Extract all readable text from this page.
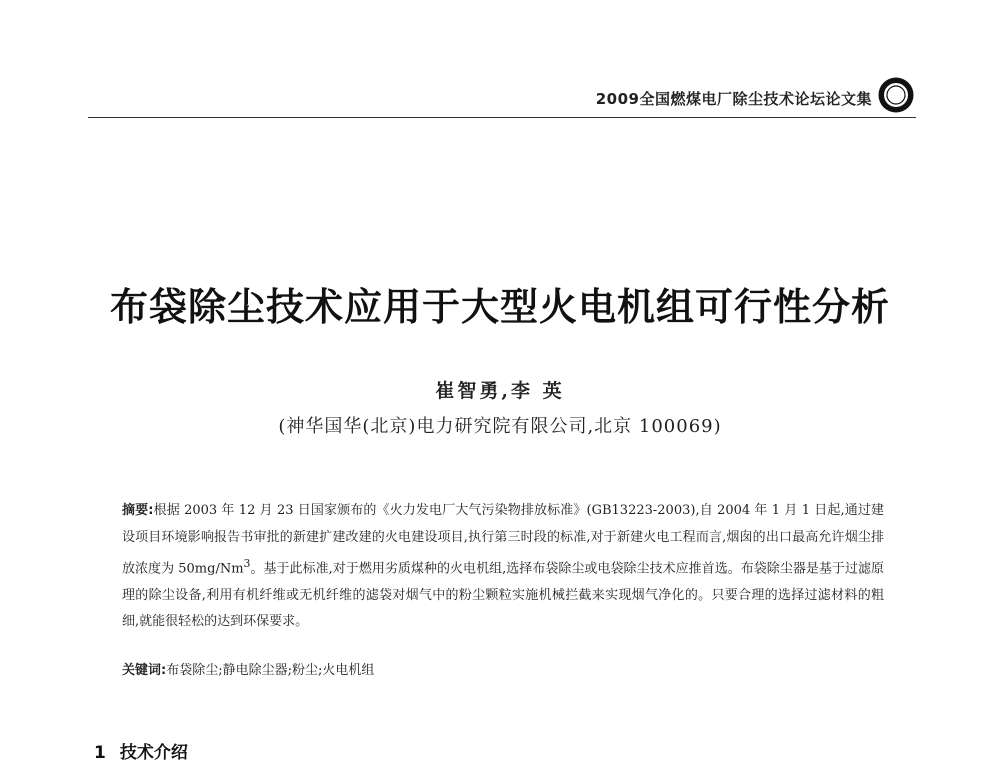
2009全国燃煤电厂除尘技术论坛论文集
布袋除尘技术应用于大型火电机组可行性分析
崔智勇,李 英
(神华国华(北京)电力研究院有限公司,北京 100069)
摘要:根据 2003 年 12 月 23 日国家颁布的《火力发电厂大气污染物排放标准》(GB13223-2003),自 2004 年 1 月 1 日起,通过建设项目环境影响报告书审批的新建扩建改建的火电建设项目,执行第三时段的标准,对于新建火电工程而言,烟囱的出口最高允许烟尘排放浓度为 50mg/Nm$^3$。基于此标准,对于燃用劣质煤种的火电机组,选择布袋除尘或电袋除尘技术应推首选。布袋除尘器是基于过滤原理的除尘设备,利用有机纤维或无机纤维的滤袋对烟气中的粉尘颗粒实施机械拦截来实现烟气净化的。只要合理的选择过滤材料的粗细,就能很轻松的达到环保要求。
关键词:布袋除尘;静电除尘器;粉尘;火电机组
1 技术介绍
